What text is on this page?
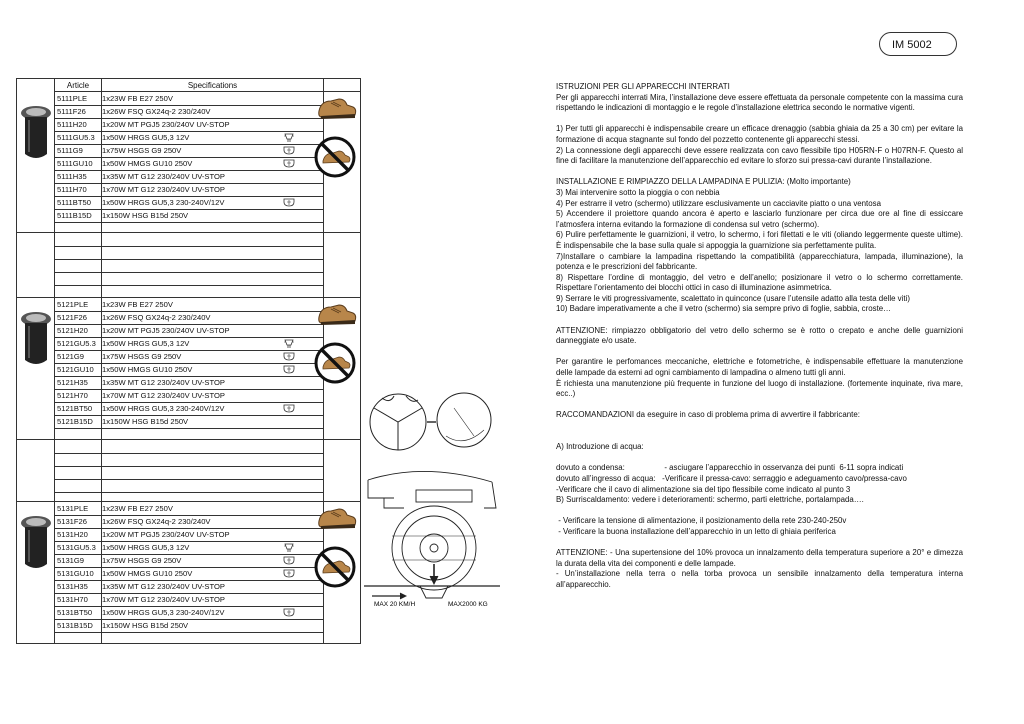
IM 5002
Article	Specifications
5111PLE	1x23W FB E27 250V
5111F26	1x26W FSQ GX24q-2 230/240V
5111H20	1x20W MT PGJ5 230/240V UV-STOP
5111GU5.3 1x50W HRGS GU5,3 12V
5111G9	1x75W HSGS G9 250V
5111GU10	1x50W HMGS GU10 250V
5111H35	1x35W MT G12 230/240V UV-STOP
5111H70	1x70W MT G12 230/240V UV-STOP
5111BT50	1x50W HRGS GU5,3 230-240V/12V
5111B15D	1x150W HSG B15d 250V
5121PLE	1x23W FB E27 250V
5121F26	1x26W FSQ GX24q-2 230/240V
5121H20	1x20W MT PGJ5 230/240V UV-STOP
5121GU5.3 1x50W HRGS GU5,3 12V
5121G9	1x75W HSGS G9 250V
5121GU10	1x50W HMGS GU10 250V
5121H35	1x35W MT G12 230/240V UV-STOP
5121H70	1x70W MT G12 230/240V UV-STOP
5121BT50	1x50W HRGS GU5,3 230-240V/12V
5121B15D	1x150W HSG B15d 250V
5131PLE	1x23W FB E27 250V
5131F26	1x26W FSQ GX24q-2 230/240V
5131H20	1x20W MT PGJ5 230/240V UV-STOP
5131GU5.3 1x50W HRGS GU5,3 12V
5131G9	1x75W HSGS G9 250V
5131GU10	1x50W HMGS GU10 250V
5131H35	1x35W MT G12 230/240V UV-STOP
5131H70	1x70W MT G12 230/240V UV-STOP
5131BT50	1x50W HRGS GU5,3 230-240V/12V
5131B15D	1x150W HSG B15d 250V
MAX 20 KM/H	MAX2000 KG

ISTRUZIONI PER GLI APPARECCHI INTERRATI

Per gli apparecchi interrati Mira, l’installazione deve essere effettuata da personale competente con la massima cura rispettando le indicazioni di montaggio e le regole d’installazione elettrica secondo le normative vigenti.

1) Per tutti gli apparecchi è indispensabile creare un efficace drenaggio (sabbia ghiaia da 25 a 30 cm) per evitare la formazione di acqua stagnante sul fondo del pozzetto contenente gli apparecchi stessi.

2) La connessione degli apparecchi deve essere realizzata con cavo flessibile tipo H05RN-F o H07RN-F. Questo al fine di facilitare la manutenzione dell’apparecchio ed evitare lo sforzo sui pressa-cavi durante l’installazione.

INSTALLAZIONE E RIMPIAZZO DELLA LAMPADINA E PULIZIA: (Molto importante)

3) Mai intervenire sotto la pioggia o con nebbia

4) Per estrarre il vetro (schermo) utilizzare esclusivamente un cacciavite piatto o una ventosa

5) Accendere il proiettore quando ancora è aperto e lasciarlo funzionare per circa due ore al fine di essiccare l’atmosfera interna evitando la formazione di condensa sul vetro (schermo).

6) Pulire perfettamente le guarnizioni, il vetro, lo schermo, i fori filettati e le viti (oliando leggermente queste ultime). È indispensabile che la base sulla quale si appoggia la guarnizione sia perfettamente pulita.

7)Installare o cambiare la lampadina rispettando la compatibilità (apparecchiatura, lampada, illuminazione), la potenza e le prescrizioni del fabbricante.

8) Rispettare l’ordine di montaggio, del vetro e dell’anello; posizionare il vetro o lo schermo correttamente. Rispettare l’orientamento dei blocchi ottici in caso di illuminazione asimmetrica.

9) Serrare le viti progressivamente, scalettato in quinconce (usare l’utensile adatto alla testa delle viti)

10) Badare imperativamente a che il vetro (schermo) sia sempre privo di foglie, sabbia, croste…

ATTENZIONE: rimpiazzo obbligatorio del vetro dello schermo se è rotto o crepato e anche delle guarnizioni danneggiate e/o usate.

Per garantire le perfomances meccaniche, elettriche e fotometriche, è indispensabile effettuare la manutenzione delle lampade da esterni ad ogni cambiamento di lampadina o almeno tutti gli anni.

È richiesta una manutenzione più frequente in funzione del luogo di installazione. (fortemente inquinate, riva mare, ecc..)

RACCOMANDAZIONI da eseguire in caso di problema prima di avvertire il fabbricante:

A) Introduzione di acqua:

dovuto a condensa:                  - asciugare l’apparecchio in osservanza dei punti  6-11 sopra indicati

dovuto all’ingresso di acqua:   -Verificare il pressa-cavo: serraggio e adeguamento cavo/pressa-cavo

-Verificare che il cavo di alimentazione sia del tipo flessibile come indicato al punto 3

B) Surriscaldamento: vedere i deterioramenti: schermo, parti elettriche, portalampada….

- Verificare la tensione di alimentazione, il posizionamento della rete 230-240-250v

- Verificare la buona installazione dell’apparecchio in un letto di ghiaia periferica

ATTENZIONE: - Una supertensione del 10% provoca un innalzamento della temperatura superiore a 20° e dimezza la durata della vita dei componenti e delle lampade.

- Un’installazione nella terra o nella torba provoca un sensibile innalzamento della temperatura interna all’apparecchio.
